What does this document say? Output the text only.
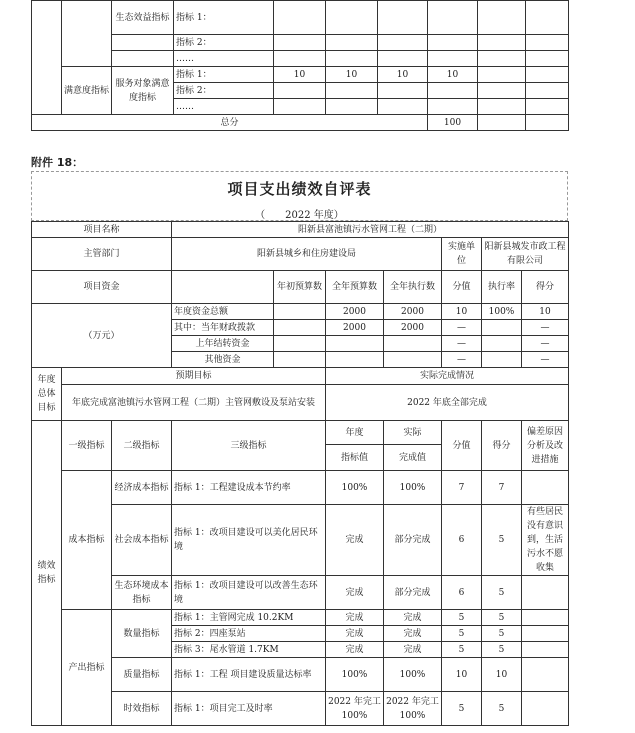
		生态效益指标	指标 1：						
			指标 2：						
			……						
	满意度指标	服务对象满意度指标	指标 1：	10	10	10	10		
			指标 2：						
			……						
总分							100		
附件 18：
项目支出绩效自评表
（　　2022 年度）
项目名称			阳新县富池镇污水管网工程（二期）						
主管部门			阳新县城乡和住房建设局				实施单位	阳新县城发市政工程有限公司	
项目资金				年初预算数	全年预算数	全年执行数	分值	执行率	得分
（万元）			年度资金总额		2000	2000	10	100%	10
			其中：当年财政拨款		2000	2000	—		—
			上年结转资金				—		—
			其他资金				—		—
年度总体目标	预期目标				实际完成情况				
	年底完成富池镇污水管网工程（二期）主管网敷设及泵站安装				2022 年底全部完成				
绩效指标	一级指标	二级指标	三级指标		年度	实际	分值	得分	偏差原因分析及改进措施
					指标值	完成值			
	成本指标	经济成本指标	指标 1：工程建设成本节约率		100%	100%	7	7	
		社会成本指标	指标 1：改项目建设可以美化居民环境		完成	部分完成	6	5	有些居民没有意识到，生活污水不愿收集
		生态环境成本指标	指标 1：改项目建设可以改善生态环境		完成	部分完成	6	5	
	产出指标	数量指标	指标 1：主管网完成 10.2KM		完成	完成	5	5	
			指标 2：四座泵站		完成	完成	5	5	
			指标 3：尾水管道 1.7KM		完成	完成	5	5	
		质量指标	指标 1：工程 项目建设质量达标率		100%	100%	10	10	
		时效指标	指标 1：项目完工及时率		2022 年完工 100%	2022 年完工 100%	5	5	
